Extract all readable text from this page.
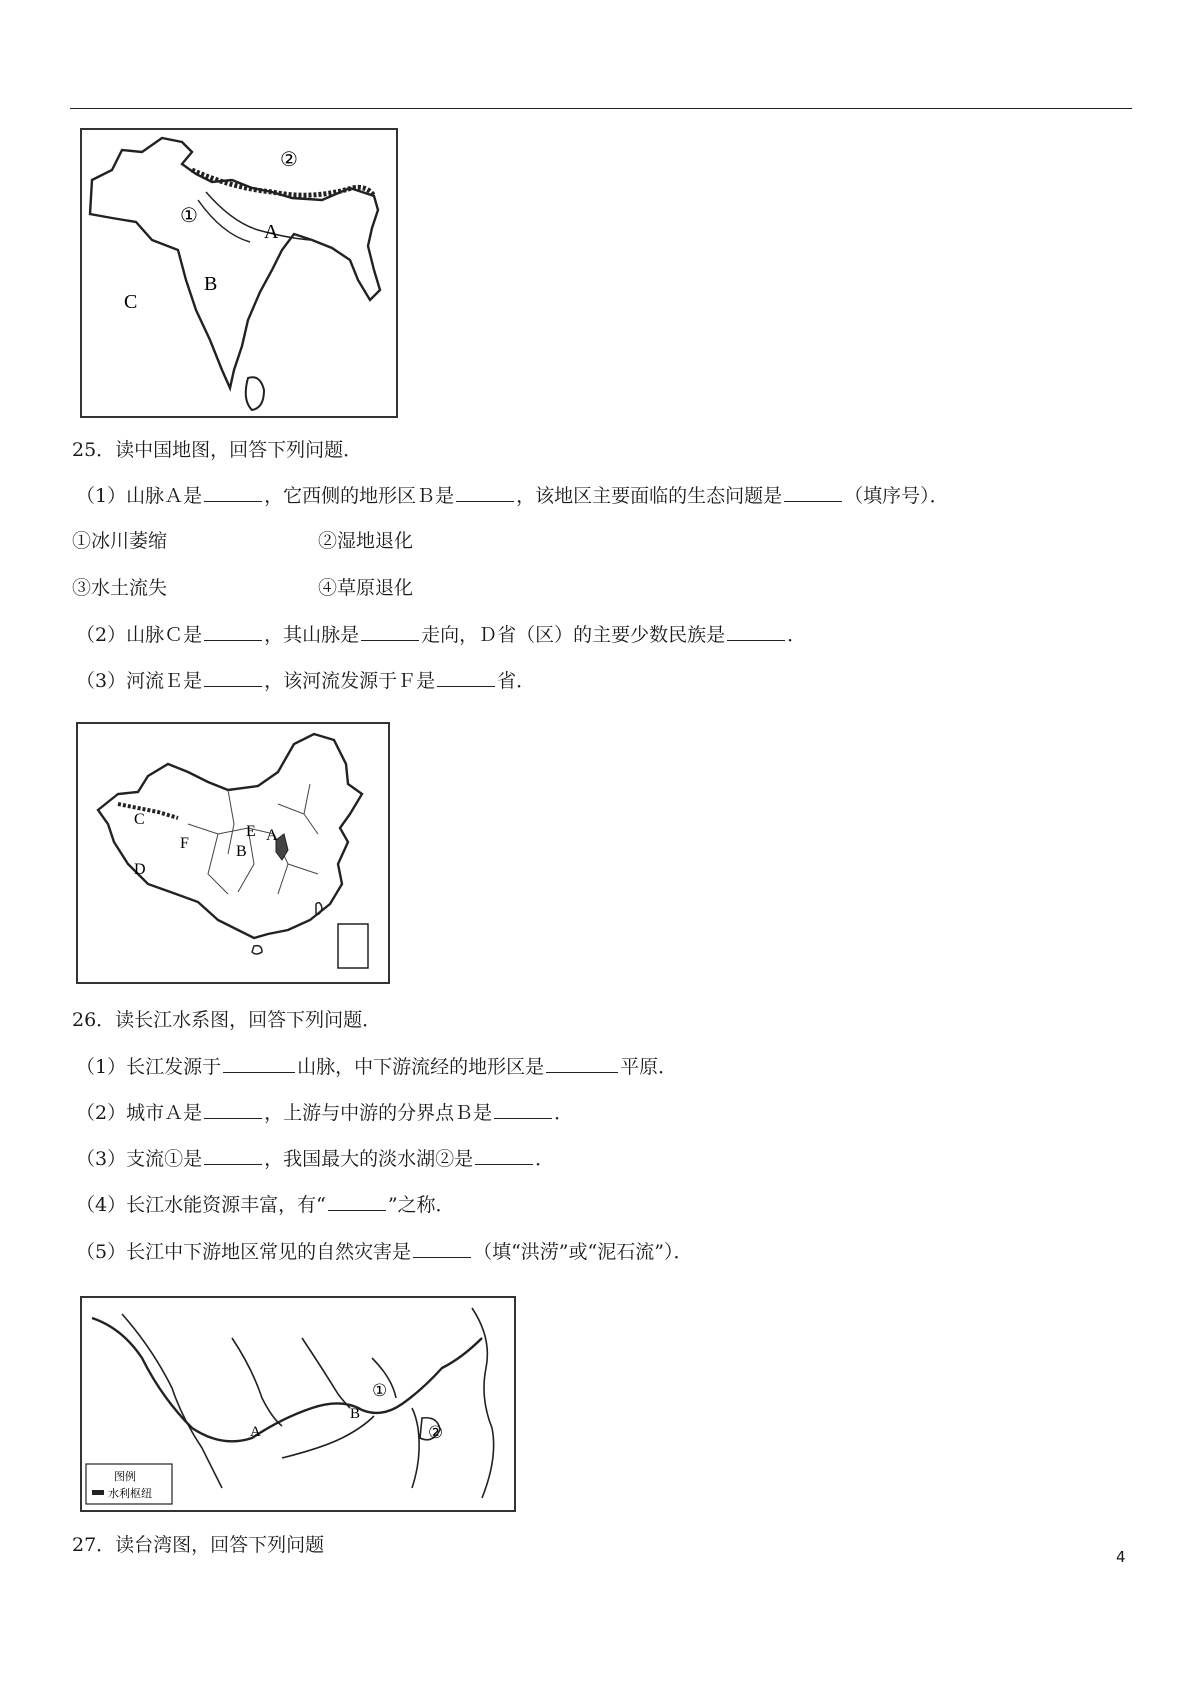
②
①
A
B
C
25．读中国地图，回答下列问题．
（1）山脉Ａ是	，它西侧的地形区Ｂ是	，该地区主要面临的生态问题是	（填序号）．
①冰川萎缩	②湿地退化
③水土流失	④草原退化
（2）山脉Ｃ是	，其山脉是	走向，Ｄ省（区）的主要少数民族是	．
（3）河流Ｅ是	，该河流发源于Ｆ是	省．
C
D
F	B
E A
26．读长江水系图，回答下列问题．
（1）长江发源于	山脉，中下游流经的地形区是	平原．
（2）城市Ａ是	，上游与中游的分界点Ｂ是	．
（3）支流①是	，我国最大的淡水湖②是	．
（4）长江水能资源丰富，有“	”之称．
（5）长江中下游地区常见的自然灾害是	（填“洪涝”或“泥石流”）．
A
B
①
②
图例
水利枢纽
27．读台湾图，回答下列问题
4
